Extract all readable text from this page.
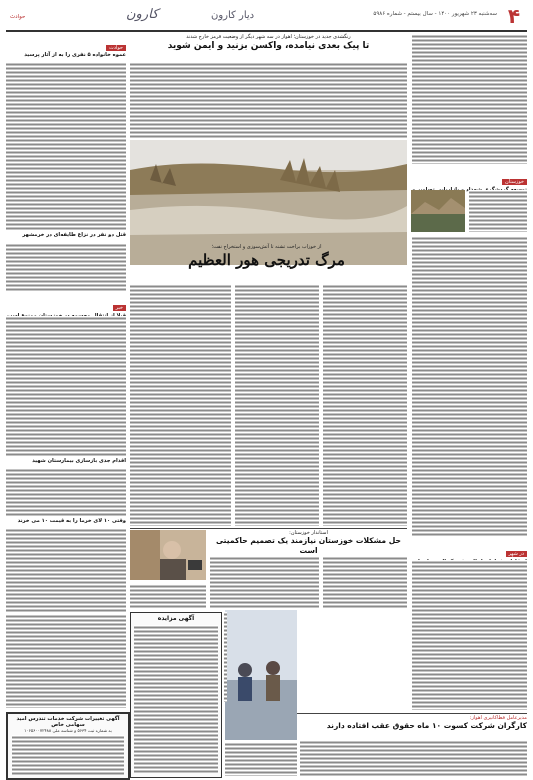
۴
سه‌شنبه ۲۳ شهریور ۱۴۰۰ - سال بیستم - شماره ۵۹۸۶
دیار کارون
کارون
حوادث
خوزستان
در شهر
مدیرعامل فطاکانیری اهواز:
کارگران شرکت کسوت ۱۰ ماه حقوق عقب افتاده دارند
رنگشدی جدید در خوزستان؛ اهواز در سه شهر دیگر از وضعیت قرمز خارج شدند
تا پیک بعدی نیامده، واکسن بزنید و ایمن شوید
از خوزاب براخت تشنه تا آتش‌سوزی و استخراج نفت؛
مرگ تدریجی هور العظیم
استاندار خوزستان:
حل مشکلات خوزستان نیازمند یک تصمیم حاکمیتی است
حوادث
عموه خانواده ۵ نفری را به از آثار پرسید
قتل دو نفر در نزاع طایفه‌ای در خرمشهر
خبر
اقدام جدی بازسازی بیمارستان شهید
وقتی ۱۰ لای خرما را به قیمت ۱۰ می خرند
آگهی مزایده
آگهی تغییرات شرکت خدمات تندرس امید سهامی خاص
به شماره ثبت ۵۶۳۴ و شناسه ملی ۱۰۶۵۶۰۰۷۲۴۸۸
